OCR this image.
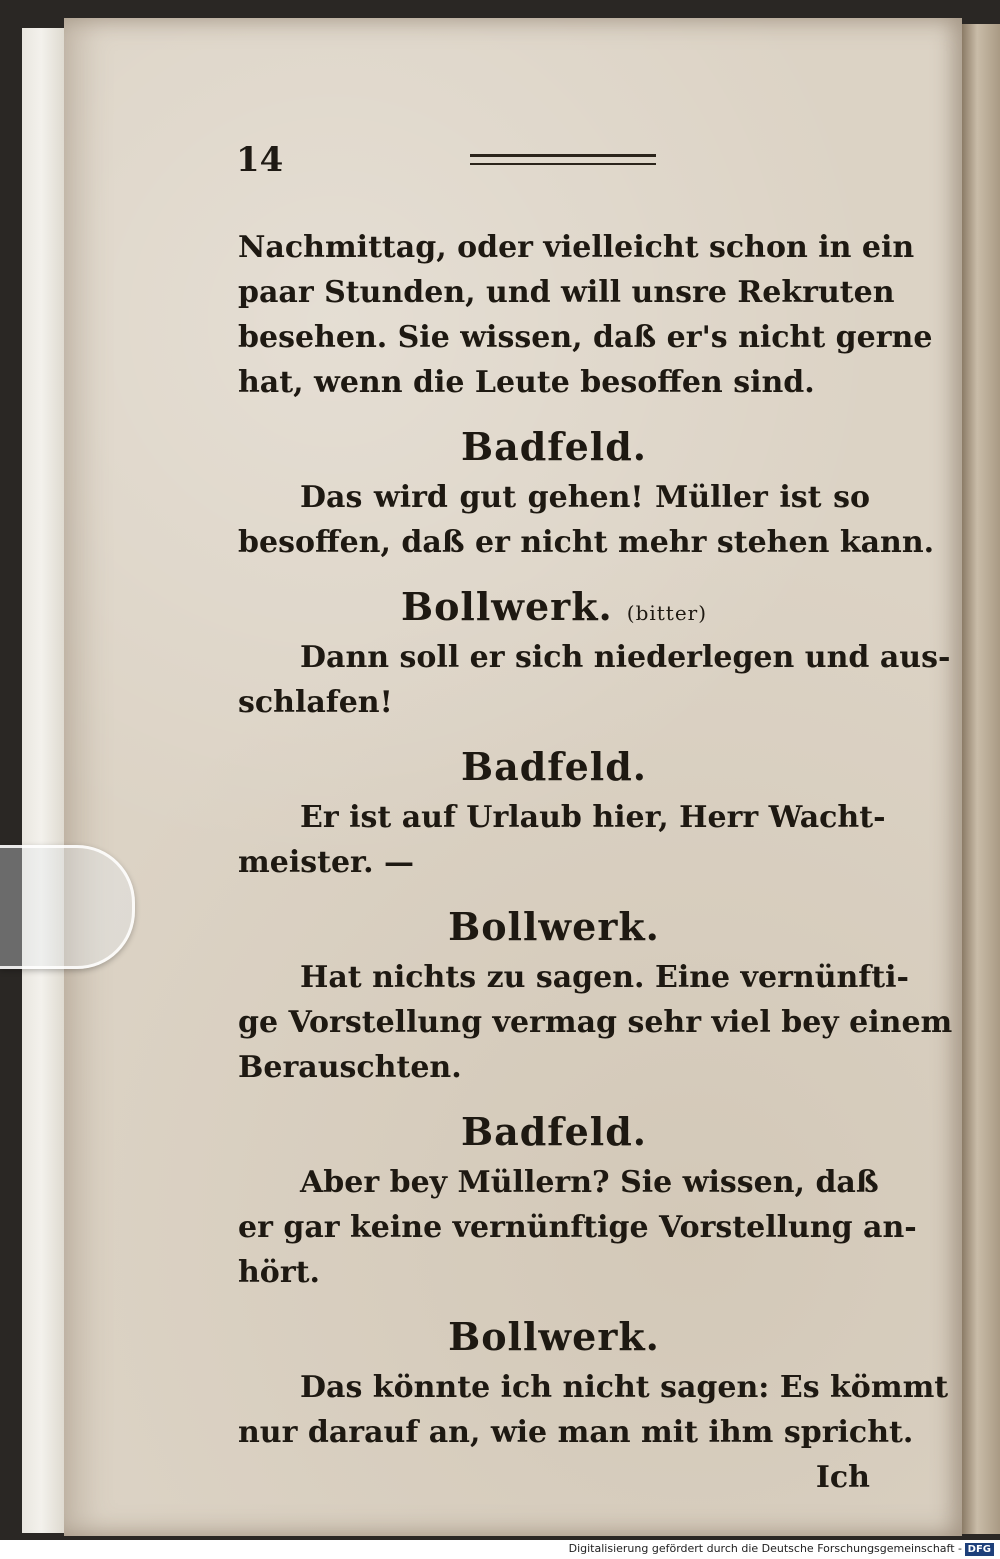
14
Nachmittag, oder vielleicht schon in ein
paar Stunden, und will unsre Rekruten
besehen. Sie wissen, daß er's nicht gerne
hat, wenn die Leute besoffen sind.
Badfeld.
Das wird gut gehen! Müller ist so
besoffen, daß er nicht mehr stehen kann.
Bollwerk. (bitter)
Dann soll er sich niederlegen und aus-
schlafen!
Badfeld.
Er ist auf Urlaub hier, Herr Wacht-
meister. —
Bollwerk.
Hat nichts zu sagen. Eine vernünfti-
ge Vorstellung vermag sehr viel bey einem
Berauschten.
Badfeld.
Aber bey Müllern? Sie wissen, daß
er gar keine vernünftige Vorstellung an-
hört.
Bollwerk.
Das könnte ich nicht sagen: Es kömmt
nur darauf an, wie man mit ihm spricht.
Ich
Digitalisierung gefördert durch die Deutsche Forschungsgemeinschaft - DFG
